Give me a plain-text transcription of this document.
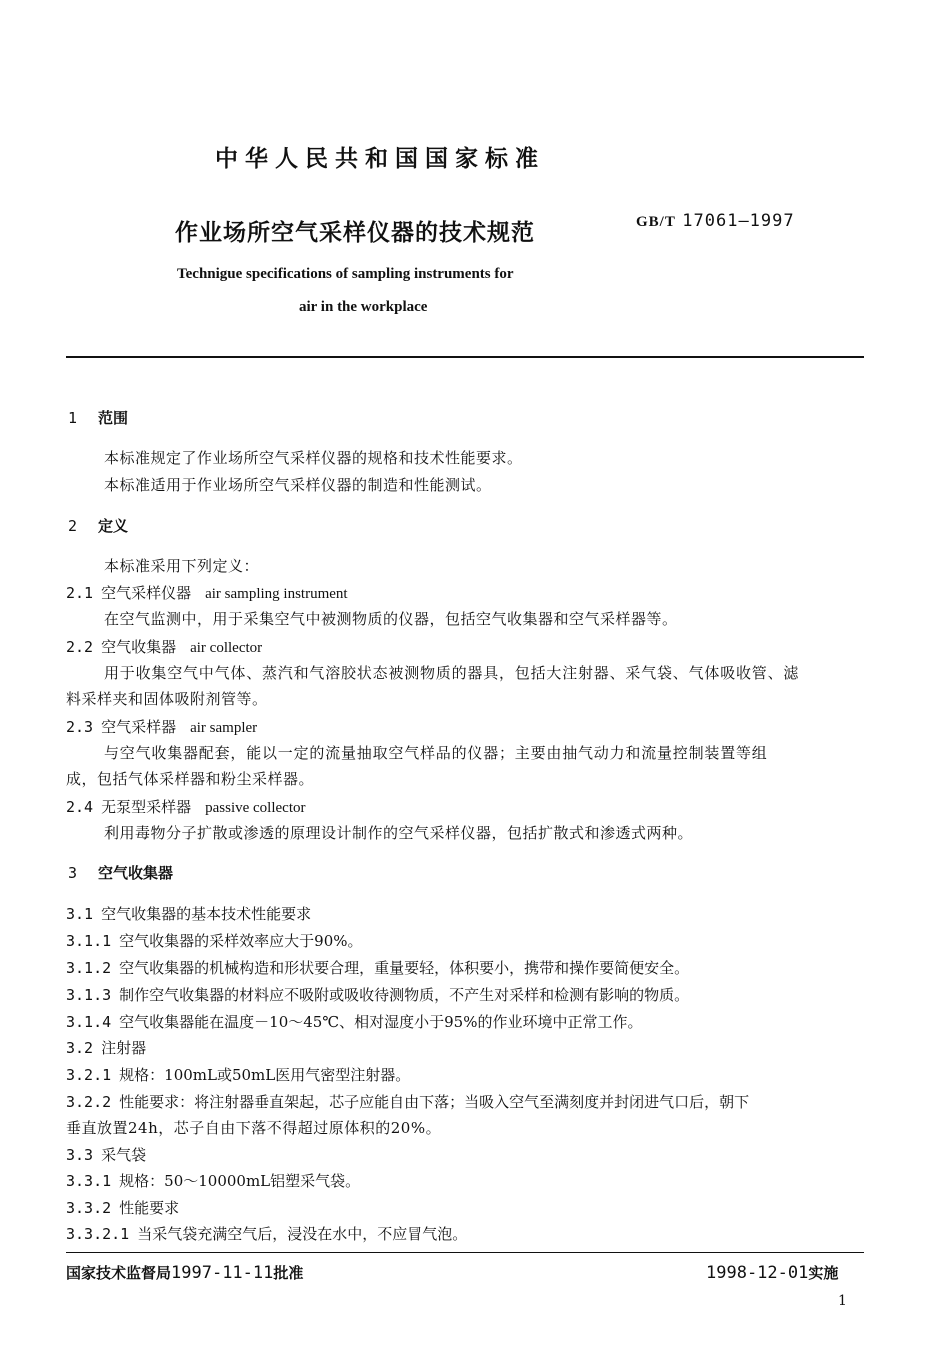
中华人民共和国国家标准
作业场所空气采样仪器的技术规范	GB/T 17061—1997
Technigue specifications of sampling instruments for
air in the workplace
1 范围
本标准规定了作业场所空气采样仪器的规格和技术性能要求。
本标准适用于作业场所空气采样仪器的制造和性能测试。
2 定义
本标准采用下列定义：
2.1 空气采样仪器 air sampling instrument
在空气监测中，用于采集空气中被测物质的仪器，包括空气收集器和空气采样器等。
2.2 空气收集器 air collector
用于收集空气中气体、蒸汽和气溶胶状态被测物质的器具，包括大注射器、采气袋、气体吸收管、滤
料采样夹和固体吸附剂管等。
2.3 空气采样器 air sampler
与空气收集器配套，能以一定的流量抽取空气样品的仪器；主要由抽气动力和流量控制装置等组
成，包括气体采样器和粉尘采样器。
2.4 无泵型采样器 passive collector
利用毒物分子扩散或渗透的原理设计制作的空气采样仪器，包括扩散式和渗透式两种。
3 空气收集器
3.1 空气收集器的基本技术性能要求
3.1.1 空气收集器的采样效率应大于90%。
3.1.2 空气收集器的机械构造和形状要合理，重量要轻，体积要小，携带和操作要简便安全。
3.1.3 制作空气收集器的材料应不吸附或吸收待测物质，不产生对采样和检测有影响的物质。
3.1.4 空气收集器能在温度－10～45℃、相对湿度小于95%的作业环境中正常工作。
3.2 注射器
3.2.1 规格：100mL或50mL医用气密型注射器。
3.2.2 性能要求：将注射器垂直架起，芯子应能自由下落；当吸入空气至满刻度并封闭进气口后，朝下
垂直放置24h，芯子自由下落不得超过原体积的20%。
3.3 采气袋
3.3.1 规格：50～10000mL铝塑采气袋。
3.3.2 性能要求
3.3.2.1 当采气袋充满空气后，浸没在水中，不应冒气泡。
国家技术监督局1997-11-11批准	1998-12-01实施
1
